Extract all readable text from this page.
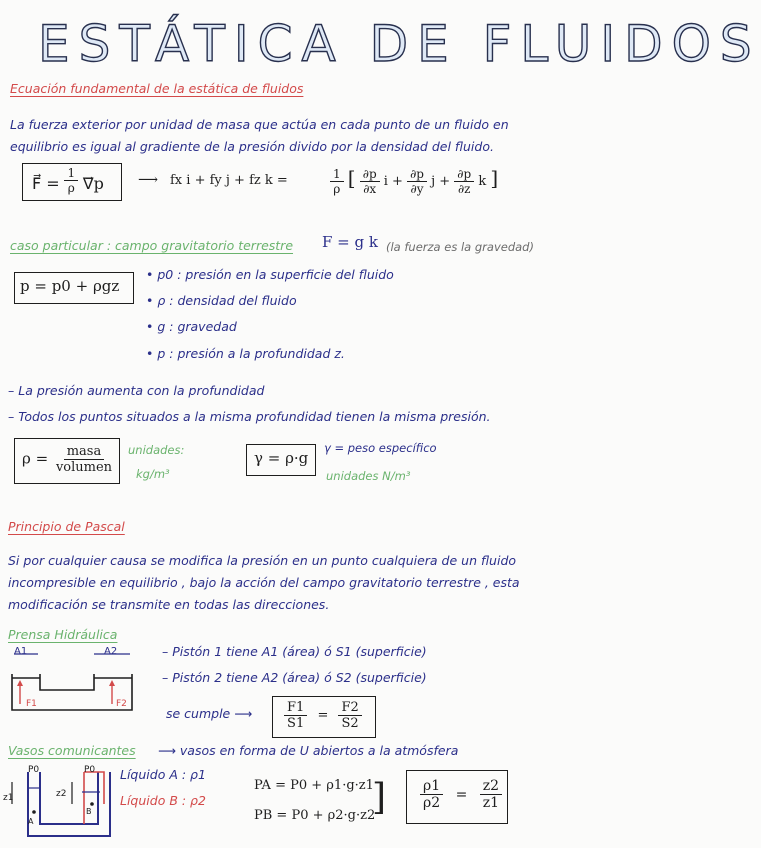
ESTÁTICA DE FLUIDOS
Ecuación fundamental de la estática de fluidos
La fuerza exterior por unidad de masa que actúa en cada punto de un fluido en
equilibrio es igual al gradiente de la presión divido por la densidad del fluido.
F⃗ = $\frac{1}{\rho}$ ∇⃗p ⟶ fx i + fy j + fz k =	$\frac{1}{\rho}$ [ $\frac{\partial p}{\partial x}$ $i + \frac{\partial p}{\partial y}$ $j + \frac{\partial p}{\partial z}$ k ]
caso particular : campo gravitatorio terrestre F = g k (la fuerza es la gravedad)
p = p0 + ρgz
• p0 : presión en la superficie del fluido
• ρ : densidad del fluido
• g : gravedad
• p : presión a la profundidad z.
– La presión aumenta con la profundidad
– Todos los puntos situados a la misma profundidad tienen la misma presión.
$\rho = \frac{\text{masa}}{\text{volumen}}$ unidades:
kg/m³
γ = ρ·g
γ = peso específico
unidades N/m³
Principio de Pascal
Si por cualquier causa se modifica la presión en un punto cualquiera de un fluido
incompresible en equilibrio , bajo la acción del campo gravitatorio terrestre , esta
modificación se transmite en todas las direcciones.
Prensa Hidráulica
A1	A2
F1	F2
– Pistón 1 tiene A1 (área) ó S1 (superficie)
– Pistón 2 tiene A2 (área) ó S2 (superficie)
se cumple ⟶ $\frac{F1}{S1} = \frac{F2}{S2}$
Vasos comunicantes ⟶ vasos en forma de U abiertos a la atmósfera
P0	P0
z1	z2
A
B
Líquido A : ρ1
Líquido B : ρ2
PA = P0 + ρ1·g·z1
PB = P0 + ρ2·g·z2
] $\frac{\rho 1}{\rho 2} = \frac{z2}{z1}$
